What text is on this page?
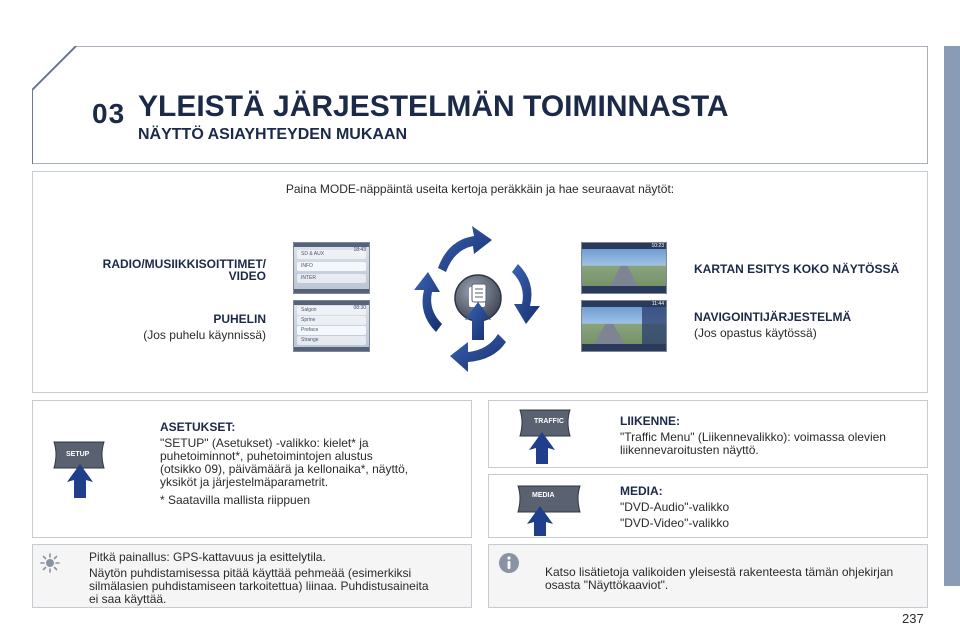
03 YLEISTÄ JÄRJESTELMÄN TOIMINNASTA
NÄYTTÖ ASIAYHTEYDEN MUKAAN
Paina MODE-näppäintä useita kertoja peräkkäin ja hae seuraavat näytöt:
RADIO/MUSIIKKISOITTIMET/
VIDEO
PUHELIN
(Jos puhelu käynnissä)
KARTAN ESITYS KOKO NÄYTÖSSÄ
NAVIGOINTIJÄRJESTELMÄ
(Jos opastus käytössä)
SD & AUX
INFO
INTER
18:43
Salgon
Sprine
Preface
Strange
08:30
10:23
11:44
SETUP
ASETUKSET:
"SETUP" (Asetukset) -valikko: kielet* ja
puhetoiminnot*, puhetoimintojen alustus
(otsikko 09), päivämäärä ja kellonaika*, näyttö,
yksiköt ja järjestelmäparametrit.
* Saatavilla mallista riippuen
TRAFFIC	LIIKENNE:
"Traffic Menu" (Liikennevalikko): voimassa olevien
liikennevaroitusten näyttö.
MEDIA	MEDIA:
"DVD-Audio"-valikko
"DVD-Video"-valikko
Pitkä painallus: GPS-kattavuus ja esittelytila.
Näytön puhdistamisessa pitää käyttää pehmeää (esimerkiksi
silmälasien puhdistamiseen tarkoitettua) liinaa. Puhdistusaineita
ei saa käyttää.
Katso lisätietoja valikoiden yleisestä rakenteesta tämän ohjekirjan
osasta "Näyttökaaviot".
237
